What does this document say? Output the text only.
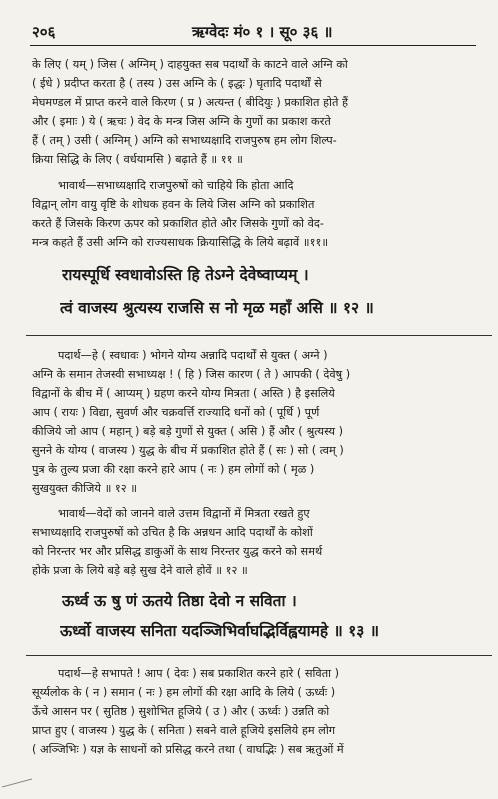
२०६	ऋग्वेदः मं० १ । सू० ३६ ॥
के लिए ( यम् ) जिस ( अग्निम् ) दाहयुक्त सब पदार्थों के काटने वाले अग्नि को
( ईधे ) प्रदीप्त करता है ( तस्य ) उस अग्नि के ( इद्धः ) घृतादि पदार्थों से
मेघमण्डल में प्राप्त करने वाले किरण ( प्र ) अत्यन्त ( बीदियुः ) प्रकाशित होते हैं
और ( इमाः ) ये ( ऋचः ) वेद के मन्त्र जिस अग्नि के गुणों का प्रकाश करते
हैं ( तम् ) उसी ( अग्निम् ) अग्नि को सभाध्यक्षादि राजपुरुष हम लोग शिल्प-
क्रिया सिद्धि के लिए ( वर्धयामसि ) बढ़ाते हैं ॥ ११ ॥
भावार्थ—सभाध्यक्षादि राजपुरुषों को चाहिये कि होता आदि
विद्वान् लोग वायु वृष्टि के शोधक हवन के लिये जिस अग्नि को प्रकाशित
करते हैं जिसके किरण ऊपर को प्रकाशित होते और जिसके गुणों को वेद-
मन्त्र कहते हैं उसी अग्नि को राज्यसाधक क्रियासिद्धि के लिये बढ़ावें ॥११॥
रायस्पूर्धि स्वधावोऽस्ति हि तेऽग्ने देवेष्वाप्यम् ।
त्वं वाजस्य श्रुत्यस्य राजसि स नो मृळ महाँ असि ॥ १२ ॥
पदार्थ—हे ( स्वधावः ) भोगने योग्य अन्नादि पदार्थों से युक्त ( अग्ने )
अग्नि के समान तेजस्वी सभाध्यक्ष ! ( हि ) जिस कारण ( ते ) आपकी ( देवेषु )
विद्वानों के बीच में ( आप्यम् ) ग्रहण करने योग्य मित्रता ( अस्ति ) है इसलिये
आप ( रायः ) विद्या, सुवर्ण और चक्रवर्त्ति राज्यादि धनों को ( पूर्धि ) पूर्ण
कीजिये जो आप ( महान् ) बड़े बड़े गुणों से युक्त ( असि ) हैं और ( श्रुत्यस्य )
सुनने के योग्य ( वाजस्य ) युद्ध के बीच में प्रकाशित होते हैं ( सः ) सो ( त्वम् )
पुत्र के तुल्य प्रजा की रक्षा करने हारे आप ( नः ) हम लोगों को ( मृळ )
सुखयुक्त कीजिये ॥ १२ ॥
भावार्थ—वेदों को जानने वाले उत्तम विद्वानों में मित्रता रखते हुए
सभाध्यक्षादि राजपुरुषों को उचित है कि अन्नधन आदि पदार्थों के कोशों
को निरन्तर भर और प्रसिद्ध डाकुओं के साथ निरन्तर युद्ध करने को समर्थ
होके प्रजा के लिये बड़े बड़े सुख देने वाले होवें ॥ १२ ॥
ऊर्ध्व ऊ षु णं ऊतये तिष्ठा देवो न सविता ।
ऊर्ध्वो वाजस्य सनिता यदञ्जिभिर्वाघद्भिर्विह्वयामहे ॥ १३ ॥
पदार्थ—हे सभापते ! आप ( देवः ) सब प्रकाशित करने हारे ( सविता )
सूर्य्यलोक के ( न ) समान ( नः ) हम लोगों की रक्षा आदि के लिये ( ऊर्ध्वः )
ऊँचे आसन पर ( सुतिष्ठ ) सुशोभित हूजिये ( उ ) और ( ऊर्ध्वः ) उन्नति को
प्राप्त हुए ( वाजस्य ) युद्ध के ( सनिता ) सबने वाले हूजिये इसलिये हम लोग
( अञ्जिभिः ) यज्ञ के साधनों को प्रसिद्ध करने तथा ( वाघद्भिः ) सब ऋतुओं में
